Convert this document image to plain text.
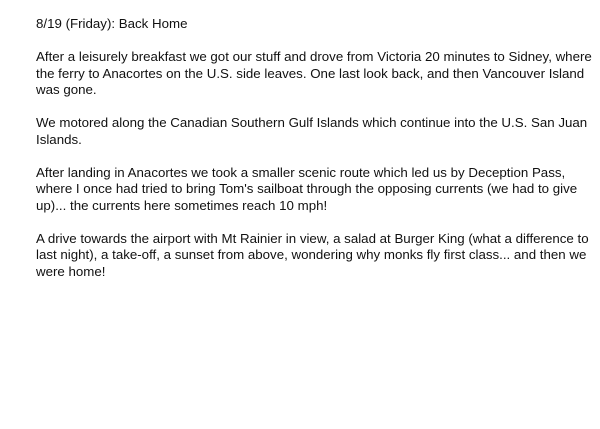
8/19 (Friday): Back Home

After a leisurely breakfast we got our stuff and drove from Victoria 20 minutes to Sidney, where the ferry to Anacortes on the U.S. side leaves. One last look back, and then Vancouver Island was gone.

We motored along the Canadian Southern Gulf Islands which continue into the U.S. San Juan Islands.

After landing in Anacortes we took a smaller scenic route which led us by Deception Pass, where I once had tried to bring Tom's sailboat through the opposing currents (we had to give up)... the currents here sometimes reach 10 mph!

A drive towards the airport with Mt Rainier in view, a salad at Burger King (what a difference to last night), a take-off, a sunset from above, wondering why monks fly first class... and then we were home!
